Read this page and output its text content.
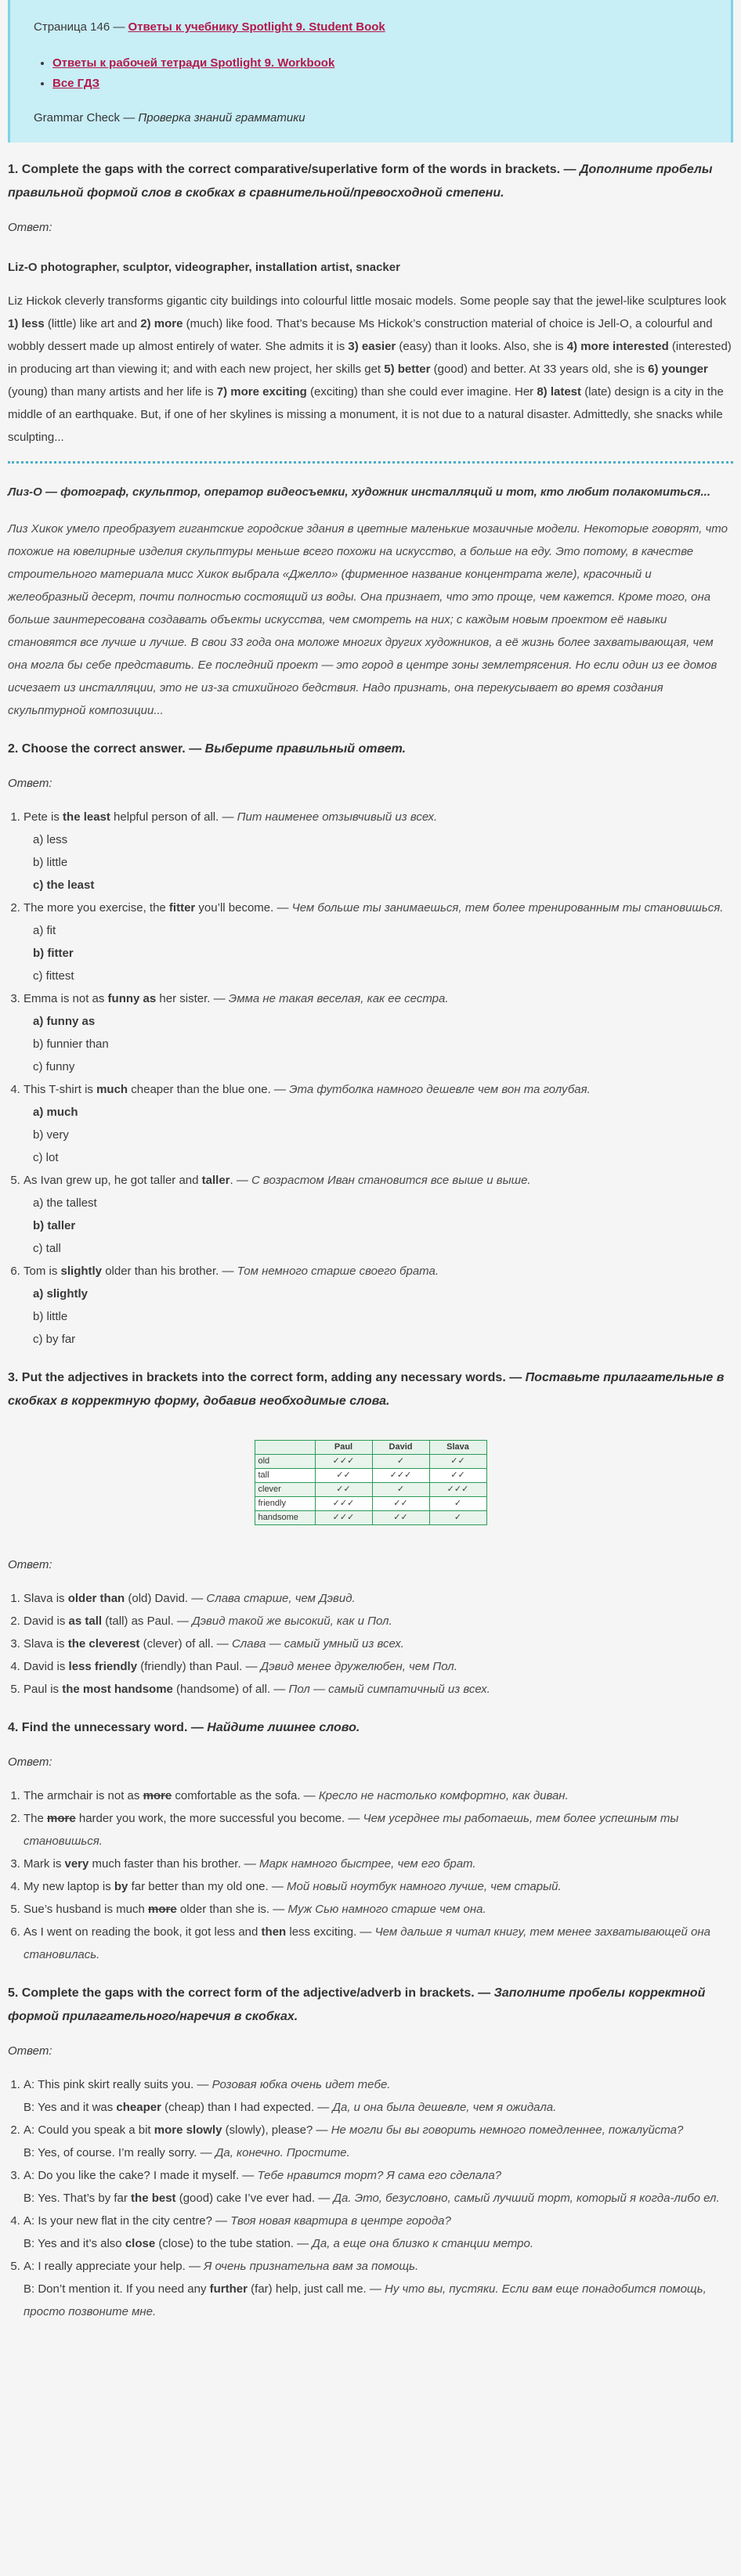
Страница 146 — Ответы к учебнику Spotlight 9. Student Book

• Ответы к рабочей тетради Spotlight 9. Workbook
• Все ГДЗ

Grammar Check — Проверка знаний грамматики

1. Complete the gaps with the correct comparative/superlative form of the words in brackets. — Дополните пробелы правильной формой слов в скобках в сравнительной/превосходной степени.
Ответ:
Liz-O photographer, sculptor, videographer, installation artist, snacker
Liz Hickok cleverly transforms gigantic city buildings into colourful little mosaic models. Some people say that the jewel-like sculptures look 1) less (little) like art and 2) more (much) like food. That’s because Ms Hickok’s construction material of choice is Jell-O, a colourful and wobbly dessert made up almost entirely of water. She admits it is 3) easier (easy) than it looks. Also, she is 4) more interested (interested) in producing art than viewing it; and with each new project, her skills get 5) better (good) and better. At 33 years old, she is 6) younger (young) than many artists and her life is 7) more exciting (exciting) than she could ever imagine. Her 8) latest (late) design is a city in the middle of an earthquake. But, if one of her skylines is missing a monument, it is not due to a natural disaster. Admittedly, she snacks while sculpting...
Лиз-О — фотограф, скульптор, оператор видеосъемки, художник инсталляций и тот, кто любит полакомиться...
Лиз Хикок умело преобразует гигантские городские здания в цветные маленькие мозаичные модели. Некоторые говорят, что похожие на ювелирные изделия скульптуры меньше всего похожи на искусство, а больше на еду. Это потому, в качестве строительного материала мисс Хикок выбрала «Джелло» (фирменное название концентрата желе), красочный и желеобразный десерт, почти полностью состоящий из воды. Она признает, что это проще, чем кажется. Кроме того, она больше заинтересована создавать объекты искусства, чем смотреть на них; с каждым новым проектом её навыки становятся все лучше и лучше. В свои 33 года она моложе многих других художников, а её жизнь более захватывающая, чем она могла бы себе представить. Ее последний проект — это город в центре зоны землетрясения. Но если один из ее домов исчезает из инсталляции, это не из-за стихийного бедствия. Надо признать, она перекусывает во время создания скульптурной композиции...
2. Choose the correct answer. — Выберите правильный ответ.
Ответ:
1. Pete is the least helpful person of all. — Пит наименее отзывчивый из всех.
a) less
b) little
c) the least
2. The more you exercise, the fitter you’ll become. — Чем больше ты занимаешься, тем более тренированным ты становишься.
a) fit
b) fitter
c) fittest
3. Emma is not as funny as her sister. — Эмма не такая веселая, как ее сестра.
a) funny as
b) funnier than
c) funny
4. This T-shirt is much cheaper than the blue one. — Эта футболка намного дешевле чем вон та голубая.
a) much
b) very
c) lot
5. As Ivan grew up, he got taller and taller. — С возрастом Иван становится все выше и выше.
a) the tallest
b) taller
c) tall
6. Tom is slightly older than his brother. — Том немного старше своего брата.
a) slightly
b) little
c) by far
3. Put the adjectives in brackets into the correct form, adding any necessary words. — Поставьте прилагательные в скобках в корректную форму, добавив необходимые слова.
	Paul	David	Slava
old	✓✓✓	✓	✓✓
tall	✓✓	✓✓✓	✓✓
clever	✓✓	✓	✓✓✓
friendly	✓✓✓	✓✓	✓
handsome	✓✓✓	✓✓	✓
Ответ:
1. Slava is older than (old) David. — Слава старше, чем Дэвид.
2. David is as tall (tall) as Paul. — Дэвид такой же высокий, как и Пол.
3. Slava is the cleverest (clever) of all. — Слава — самый умный из всех.
4. David is less friendly (friendly) than Paul. — Дэвид менее дружелюбен, чем Пол.
5. Paul is the most handsome (handsome) of all. — Пол — самый симпатичный из всех.
4. Find the unnecessary word. — Найдите лишнее слово.
Ответ:
1. The armchair is not as more comfortable as the sofa. — Кресло не настолько комфортно, как диван.
2. The more harder you work, the more successful you become. — Чем усерднее ты работаешь, тем более успешным ты становишься.
3. Mark is very much faster than his brother. — Марк намного быстрее, чем его брат.
4. My new laptop is by far better than my old one. — Мой новый ноутбук намного лучше, чем старый.
5. Sue’s husband is much more older than she is. — Муж Сью намного старше чем она.
6. As I went on reading the book, it got less and then less exciting. — Чем дальше я читал книгу, тем менее захватывающей она становилась.
5. Complete the gaps with the correct form of the adjective/adverb in brackets. — Заполните пробелы корректной формой прилагательного/наречия в скобках.
Ответ:
1. A: This pink skirt really suits you. — Розовая юбка очень идет тебе.
B: Yes and it was cheaper (cheap) than I had expected. — Да, и она была дешевле, чем я ожидала.
2. A: Could you speak a bit more slowly (slowly), please? — Не могли бы вы говорить немного помедленнее, пожалуйста?
B: Yes, of course. I’m really sorry. — Да, конечно. Простите.
3. A: Do you like the cake? I made it myself. — Тебе нравится торт? Я сама его сделала?
B: Yes. That’s by far the best (good) cake I’ve ever had. — Да. Это, безусловно, самый лучший торт, который я когда-либо ел.
4. A: Is your new flat in the city centre? — Твоя новая квартира в центре города?
B: Yes and it’s also close (close) to the tube station. — Да, а еще она близко к станции метро.
5. A: I really appreciate your help. — Я очень признательна вам за помощь.
B: Don’t mention it. If you need any further (far) help, just call me. — Ну что вы, пустяки. Если вам еще понадобится помощь, просто позвоните мне.
